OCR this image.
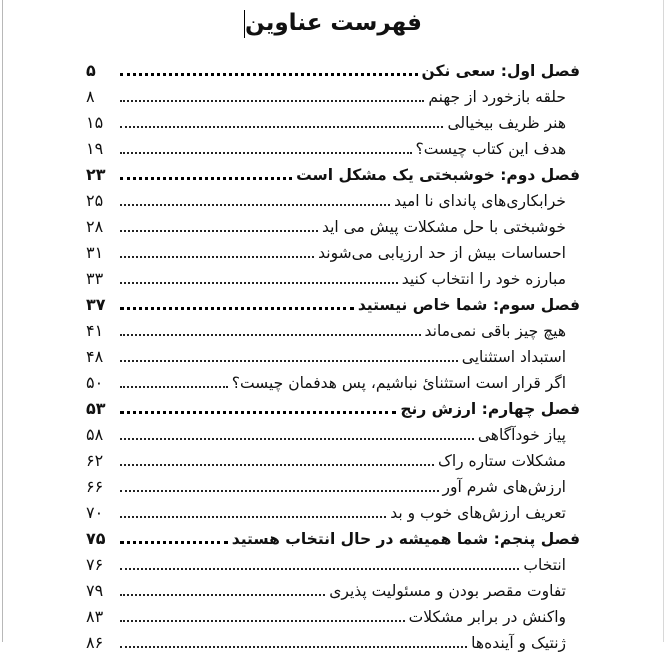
فهرست عناوین
۵	فصل اول: سعی نکن
۸	حلقه بازخورد از جهنم
۱۵	هنر ظریف بیخیالی
۱۹	هدف این کتاب چیست؟
۲۳	فصل دوم: خوشبختی یک مشکل است
۲۵	خرابکاری‌های پاندای نا امید
۲۸	خوشبختی با حل مشکلات پیش می اید
۳۱	احساسات بیش از حد ارزیابی می‌شوند
۳۳	مبارزه خود را انتخاب کنید
۳۷	فصل سوم: شما خاص نیستید
۴۱	هیچ چیز باقی نمی‌ماند
۴۸	استبداد استثنایی
۵۰	اگر قرار است استثنائ نباشیم، پس هدفمان چیست؟
۵۳	فصل چهارم: ارزش رنج
۵۸	پیاز خودآگاهی
۶۲	مشکلات ستاره راک
۶۶	ارزش‌های شرم آور
۷۰	تعریف ارزش‌های خوب و بد
۷۵	فصل پنجم: شما همیشه در حال انتخاب هستید
۷۶	انتخاب
۷۹	تفاوت مقصر بودن و مسئولیت پذیری
۸۳	واکنش در برابر مشکلات
۸۶	ژنتیک و آینده‌ها
